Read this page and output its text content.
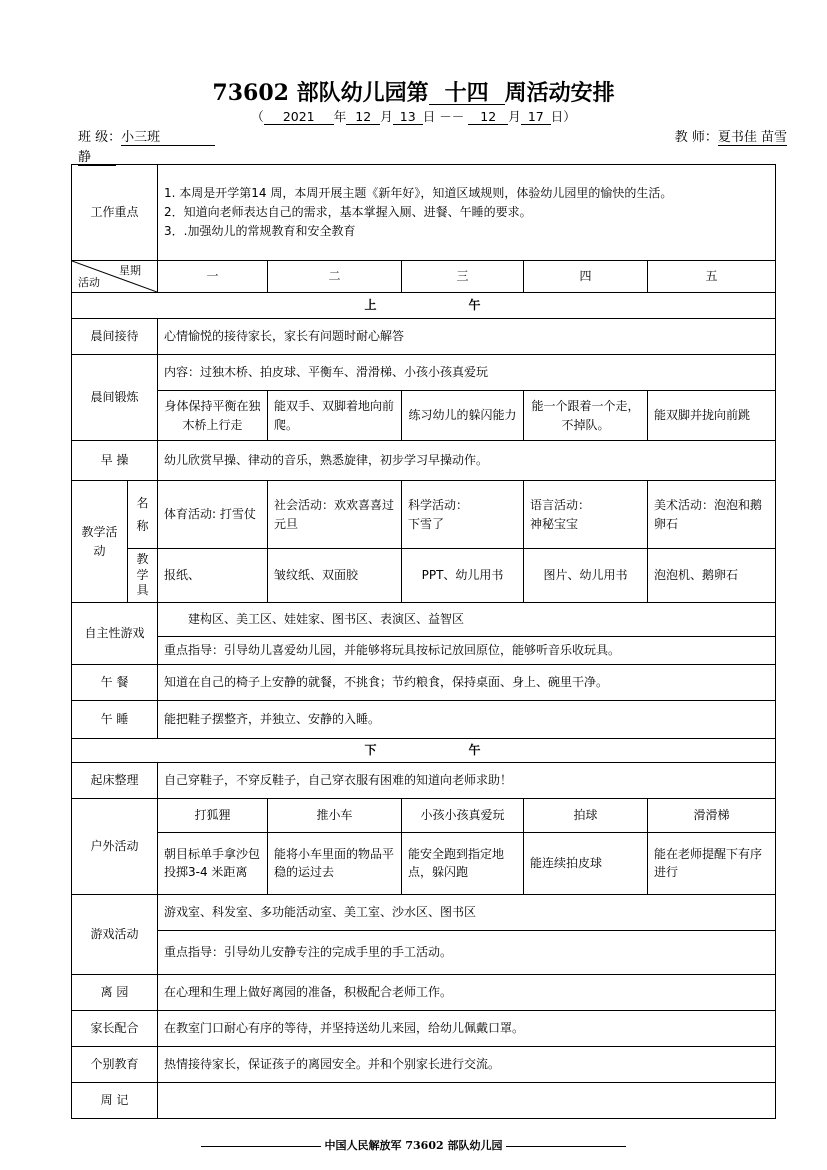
73602 部队幼儿园第 十四 周活动安排
（ 2021 年 12 月 13 日 －－ 12 月 17 日）
班 级：小三班	教 师：夏书佳 苗雪
静
工作重点		1. 本周是开学第14 周，本周开展主题《新年好》，知道区域规则，体验幼儿园里的愉快的生活。

2．知道向老师表达自己的需求，基本掌握入厕、进餐、午睡的要求。

3．.加强幼儿的常规教育和安全教育				

星期
活动		一	二	三	四	五
上 午						
晨间接待		心情愉悦的接待家长，家长有问题时耐心解答				
晨间锻炼		内容：过独木桥、拍皮球、平衡车、滑滑梯、小孩小孩真爱玩				
		身体保持平衡在独木桥上行走	能双手、双脚着地向前爬。	练习幼儿的躲闪能力	能一个跟着一个走，不掉队。	能双脚并拢向前跳
早 操		幼儿欣赏早操、律动的音乐，熟悉旋律，初步学习早操动作。				
教学活动	名称	体育活动: 打雪仗	社会活动：欢欢喜喜过元旦	科学活动：
下雪了	语言活动：
神秘宝宝	美术活动：泡泡和鹅卵石
	教学具	报纸、	皱纹纸、双面胶	PPT、幼儿用书	图片、幼儿用书	泡泡机、鹅卵石
自主性游戏		建构区、美工区、娃娃家、图书区、表演区、益智区				
		重点指导：引导幼儿喜爱幼儿园，并能够将玩具按标记放回原位，能够听音乐收玩具。				
午 餐		知道在自己的椅子上安静的就餐，不挑食；节约粮食，保持桌面、身上、碗里干净。				
午 睡		能把鞋子摆整齐，并独立、安静的入睡。				
下 午						
起床整理		自己穿鞋子，不穿反鞋子，自己穿衣服有困难的知道向老师求助！				
户外活动		打狐狸	推小车	小孩小孩真爱玩	拍球	滑滑梯
		朝目标单手拿沙包投掷3-4 米距离	能将小车里面的物品平稳的运过去	能安全跑到指定地点，躲闪跑	能连续拍皮球	能在老师提醒下有序进行
游戏活动		游戏室、科发室、多功能活动室、美工室、沙水区、图书区				
		重点指导：引导幼儿安静专注的完成手里的手工活动。				
离 园		在心理和生理上做好离园的准备，积极配合老师工作。				
家长配合		在教室门口耐心有序的等待，并坚持送幼儿来园，给幼儿佩戴口罩。				
个别教育		热情接待家长，保证孩子的离园安全。并和个别家长进行交流。				
周 记						
中国人民解放军 73602 部队幼儿园
